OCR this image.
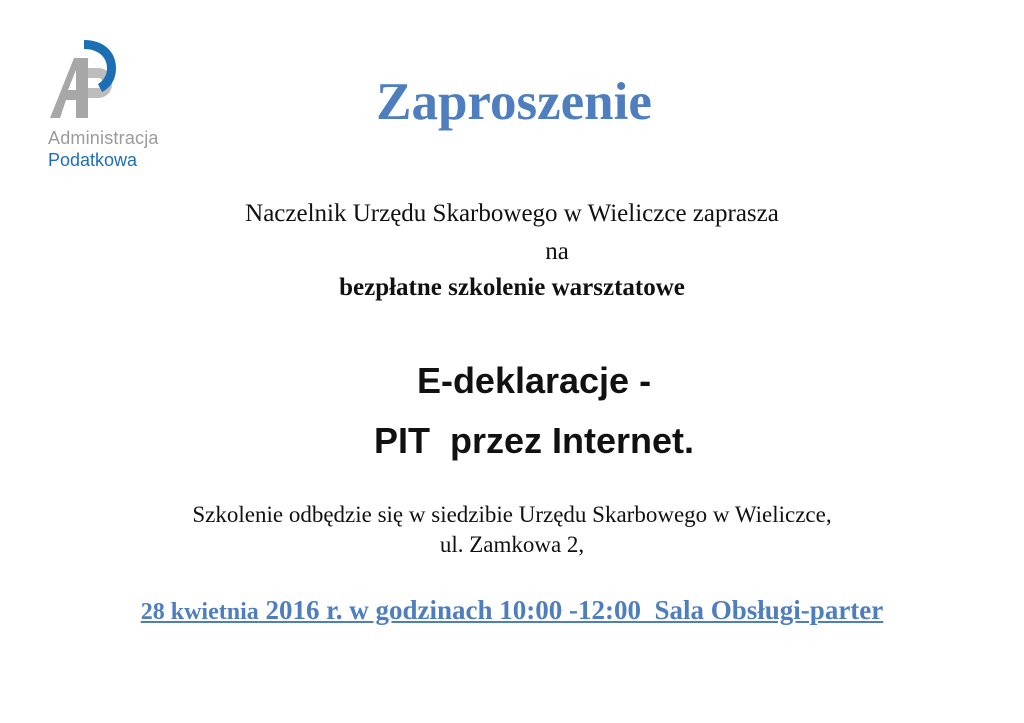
Administracja
Podatkowa
Zaproszenie
Naczelnik Urzędu Skarbowego w Wieliczce zaprasza
na
bezpłatne szkolenie warsztatowe
E-deklaracje -
PIT  przez Internet.
Szkolenie odbędzie się w siedzibie Urzędu Skarbowego w Wieliczce,
ul. Zamkowa 2,
28 kwietnia 2016 r. w godzinach 10:00 -12:00  Sala Obsługi-parter
